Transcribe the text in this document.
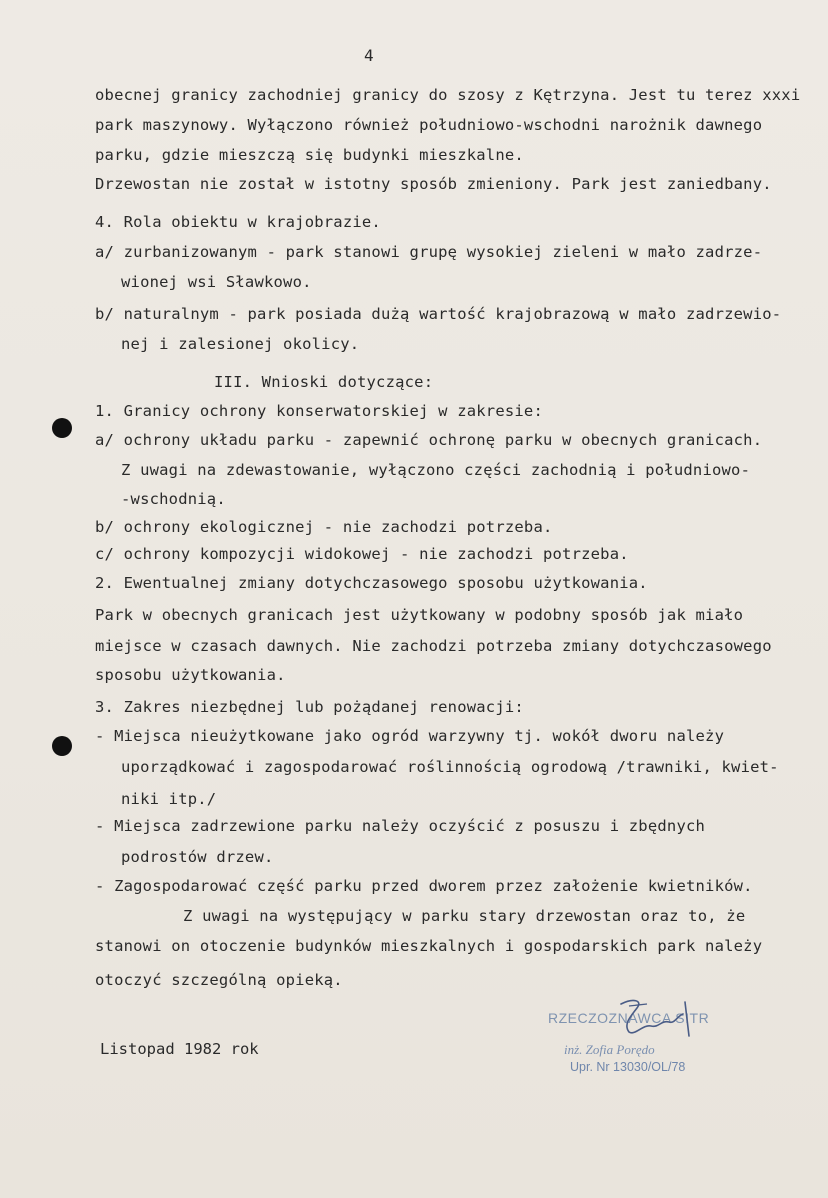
4
obecnej granicy zachodniej granicy do szosy z Kętrzyna. Jest tu terez xxxi
park maszynowy. Wyłączono również południowo-wschodni narożnik dawnego
parku, gdzie mieszczą się budynki mieszkalne.
Drzewostan nie został w istotny sposób zmieniony. Park jest zaniedbany.
4. Rola obiektu w krajobrazie.
a/ zurbanizowanym - park stanowi grupę wysokiej zieleni w mało zadrze-
wionej wsi Sławkowo.
b/ naturalnym - park posiada dużą wartość krajobrazową w mało zadrzewio-
nej i zalesionej okolicy.
III. Wnioski dotyczące:
1. Granicy ochrony konserwatorskiej w zakresie:
a/ ochrony układu parku - zapewnić ochronę parku w obecnych granicach.
Z uwagi na zdewastowanie, wyłączono części zachodnią i południowo-
-wschodnią.
b/ ochrony ekologicznej - nie zachodzi potrzeba.
c/ ochrony kompozycji widokowej - nie zachodzi potrzeba.
2. Ewentualnej zmiany dotychczasowego sposobu użytkowania.
Park w obecnych granicach jest użytkowany w podobny sposób jak miało
miejsce w czasach dawnych. Nie zachodzi potrzeba zmiany dotychczasowego
sposobu użytkowania.
3. Zakres niezbędnej lub pożądanej renowacji:
- Miejsca nieużytkowane jako ogród warzywny tj. wokół dworu należy
uporządkować i zagospodarować roślinnością ogrodową /trawniki, kwiet-
niki itp./
- Miejsca zadrzewione parku należy oczyścić z posuszu i zbędnych
podrostów drzew.
- Zagospodarować część parku przed dworem przez założenie kwietników.
Z uwagi na występujący w parku stary drzewostan oraz to, że
stanowi on otoczenie budynków mieszkalnych i gospodarskich park należy
otoczyć szczególną opieką.
Listopad 1982 rok
RZECZOZNAWCA SITR
inż. Zofia Porędo
Upr. Nr 13030/OL/78
